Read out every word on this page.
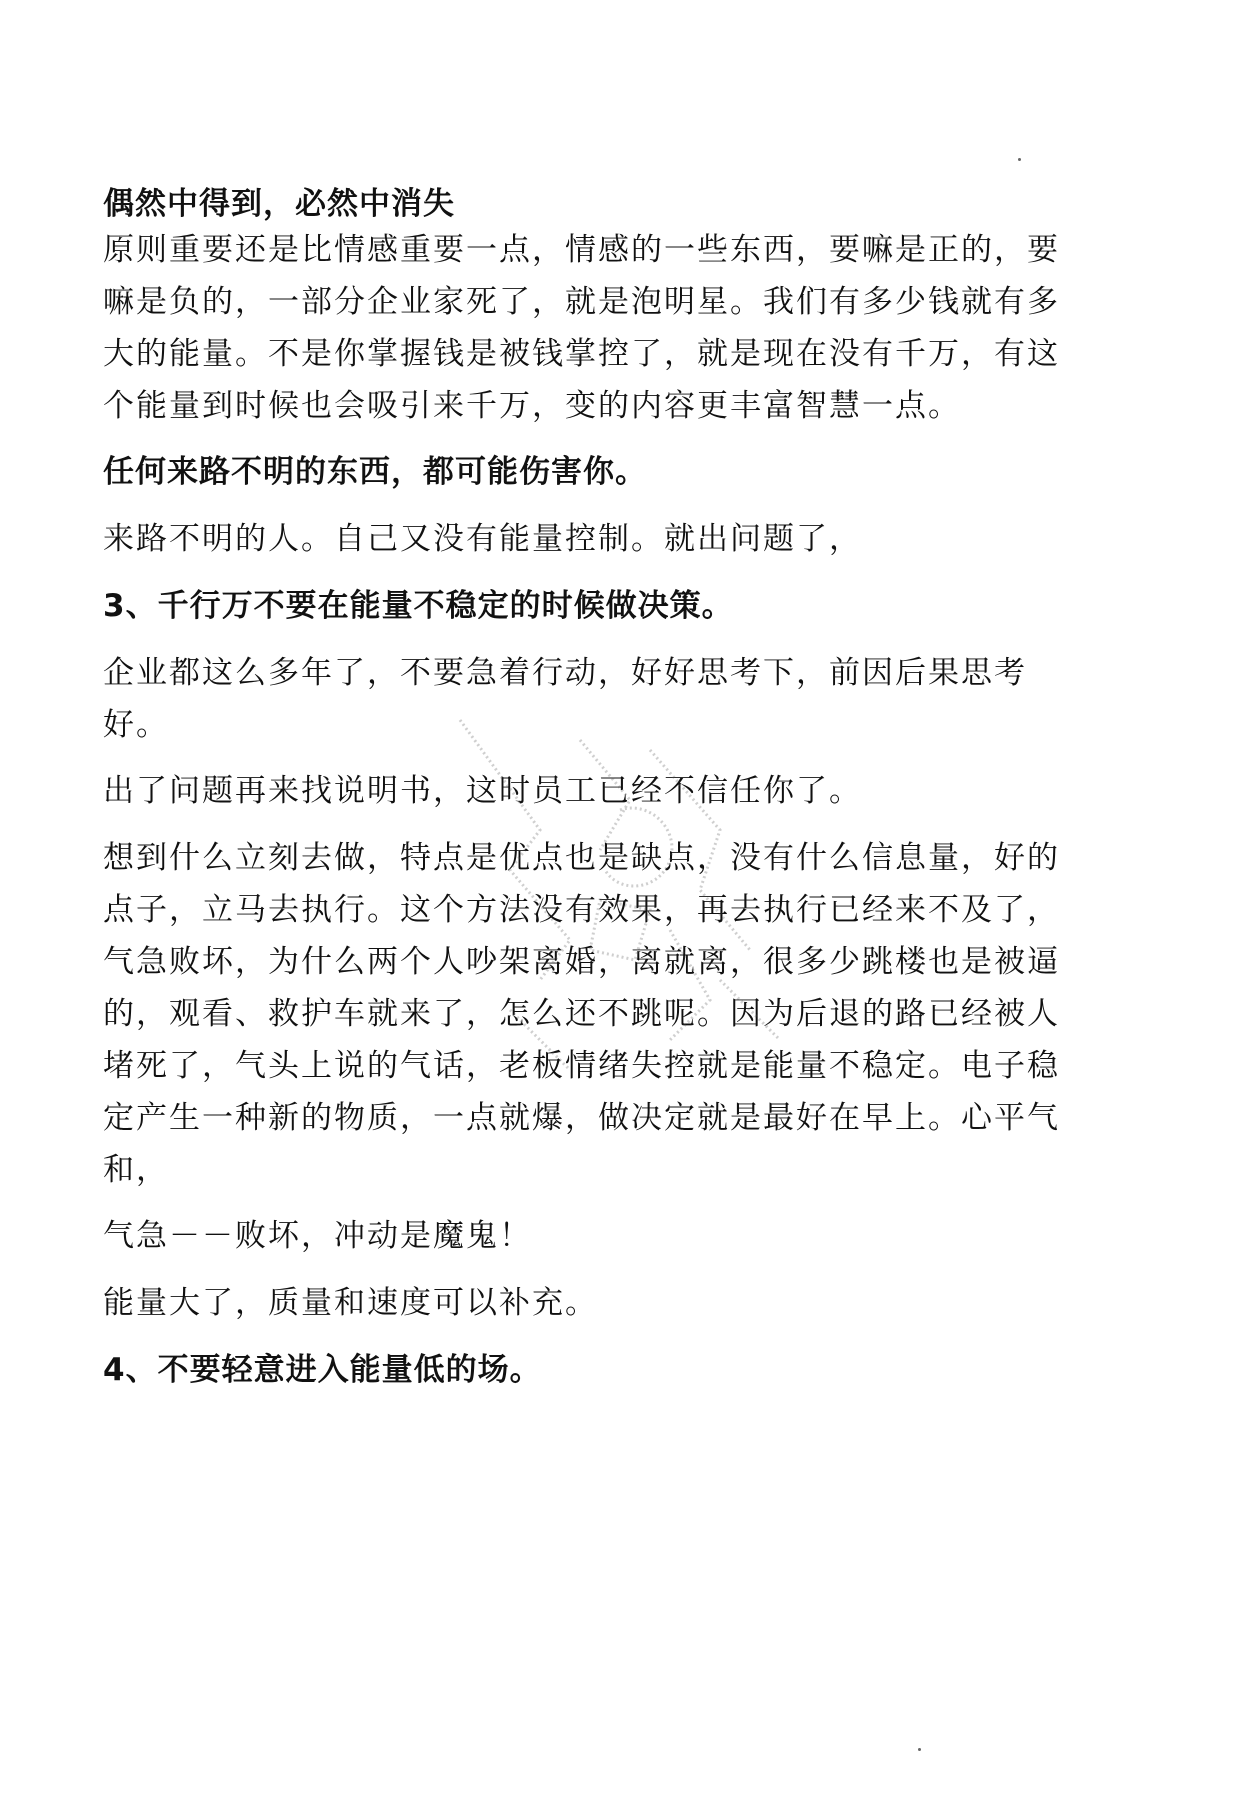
偶然中得到，必然中消失
原则重要还是比情感重要一点，情感的一些东西，要嘛是正的，要
嘛是负的，一部分企业家死了，就是泡明星。我们有多少钱就有多
大的能量。不是你掌握钱是被钱掌控了，就是现在没有千万，有这
个能量到时候也会吸引来千万，变的内容更丰富智慧一点。
任何来路不明的东西，都可能伤害你。
来路不明的人。自己又没有能量控制。就出问题了，
3、千行万不要在能量不稳定的时候做决策。
企业都这么多年了，不要急着行动，好好思考下，前因后果思考
好。
出了问题再来找说明书，这时员工已经不信任你了。
想到什么立刻去做，特点是优点也是缺点，没有什么信息量，好的
点子，立马去执行。这个方法没有效果，再去执行已经来不及了，
气急败坏，为什么两个人吵架离婚，离就离，很多少跳楼也是被逼
的，观看、救护车就来了，怎么还不跳呢。因为后退的路已经被人
堵死了，气头上说的气话，老板情绪失控就是能量不稳定。电子稳
定产生一种新的物质，一点就爆，做决定就是最好在早上。心平气
和，
气急－－败坏，冲动是魔鬼！
能量大了，质量和速度可以补充。
4、不要轻意进入能量低的场。
